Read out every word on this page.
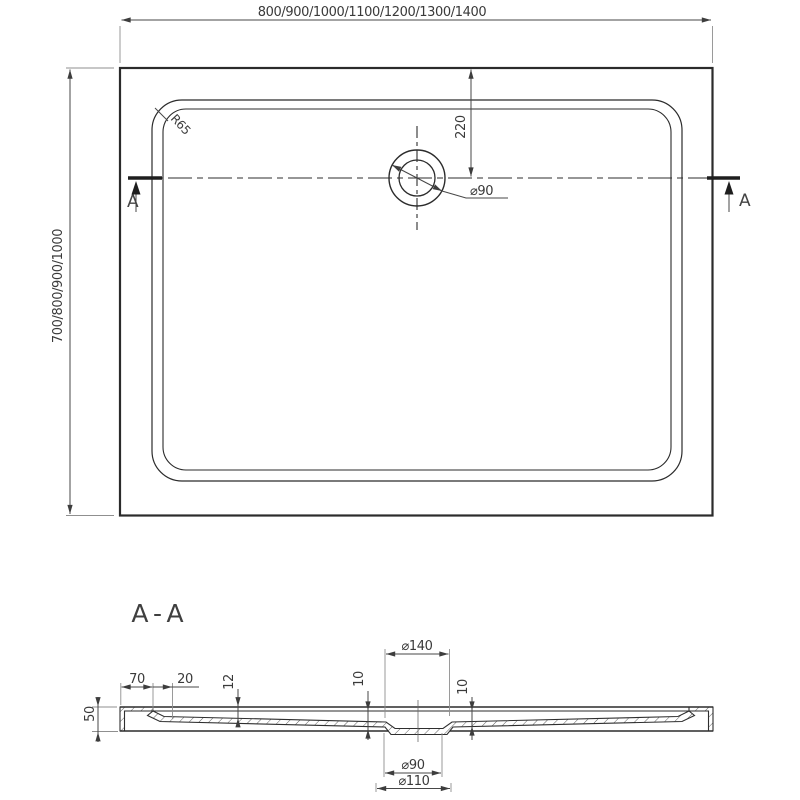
A	A
800/900/1000/1100/1200/1300/1400
700/800/900/1000
220
⌀90
R65
A-A
50
70 20 12	10
10
⌀140
⌀90
⌀110
